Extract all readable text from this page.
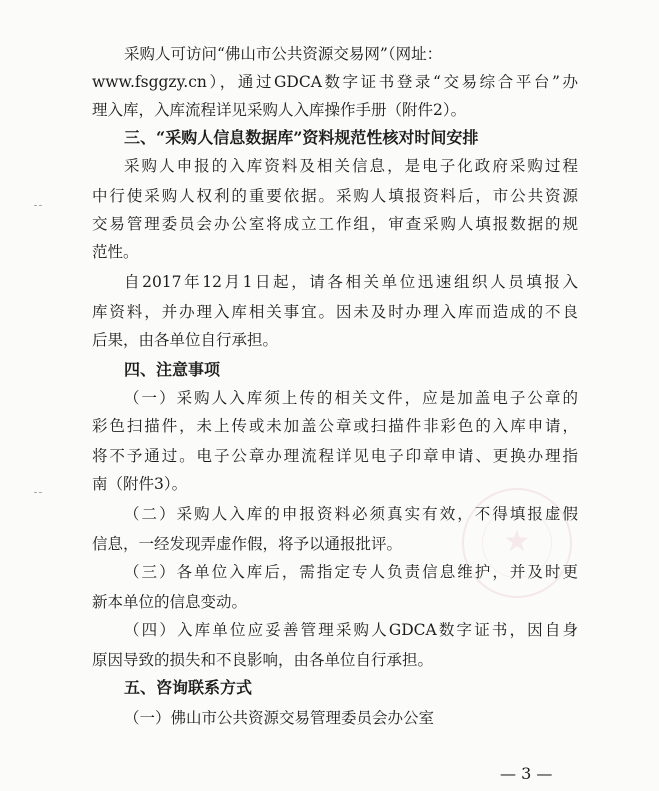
★
采购人可访问“佛山市公共资源交易网”（网址：
www.fsggzy.cn），通过GDCA数字证书登录“交易综合平台”办
理入库，入库流程详见采购人入库操作手册（附件2）。
三、“采购人信息数据库”资料规范性核对时间安排
采购人申报的入库资料及相关信息，是电子化政府采购过程
中行使采购人权利的重要依据。采购人填报资料后，市公共资源
交易管理委员会办公室将成立工作组，审查采购人填报数据的规
范性。
自2017年12月1日起，请各相关单位迅速组织人员填报入
库资料，并办理入库相关事宜。因未及时办理入库而造成的不良
后果，由各单位自行承担。
四、注意事项
（一）采购人入库须上传的相关文件，应是加盖电子公章的
彩色扫描件，未上传或未加盖公章或扫描件非彩色的入库申请，
将不予通过。电子公章办理流程详见电子印章申请、更换办理指
南（附件3）。
（二）采购人入库的申报资料必须真实有效，不得填报虚假
信息，一经发现弄虚作假，将予以通报批评。
（三）各单位入库后，需指定专人负责信息维护，并及时更
新本单位的信息变动。
（四）入库单位应妥善管理采购人GDCA数字证书，因自身
原因导致的损失和不良影响，由各单位自行承担。
五、咨询联系方式
（一）佛山市公共资源交易管理委员会办公室
— 3 —
